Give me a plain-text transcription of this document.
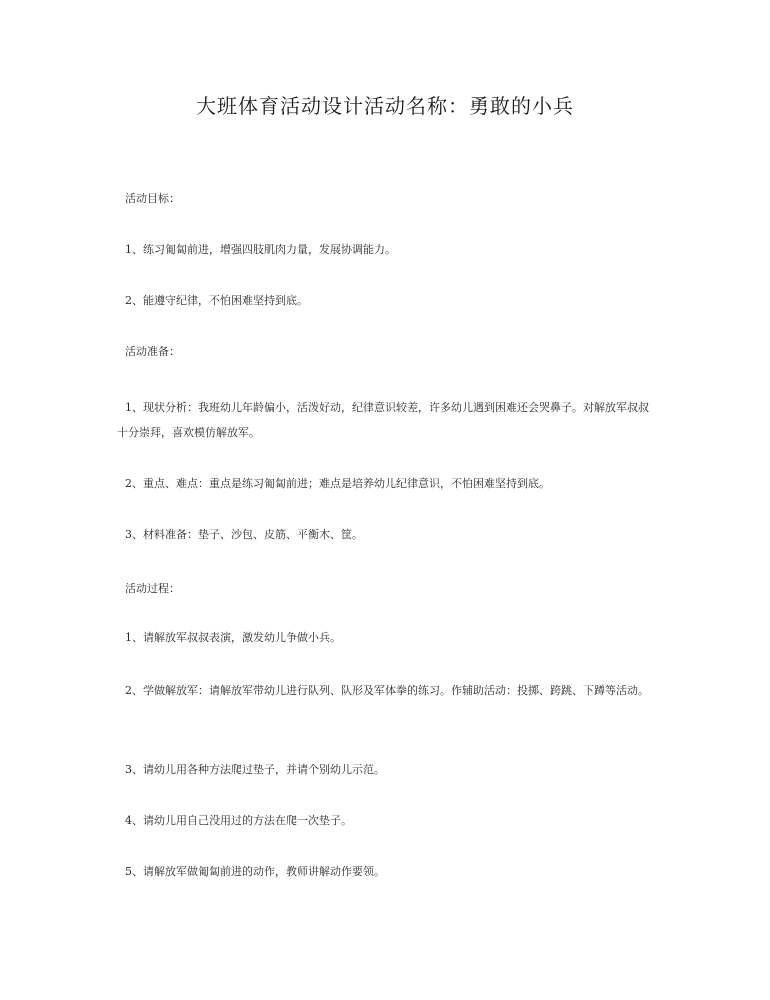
大班体育活动设计活动名称：勇敢的小兵

活动目标：

1、练习匍匐前进，增强四肢肌肉力量，发展协调能力。

2、能遵守纪律，不怕困难坚持到底。

活动准备：

1、现状分析：我班幼儿年龄偏小，活泼好动，纪律意识较差，许多幼儿遇到困难还会哭鼻子。对解放军叔叔十分崇拜，喜欢模仿解放军。

2、重点、难点：重点是练习匍匐前进；难点是培养幼儿纪律意识，不怕困难坚持到底。

3、材料准备：垫子、沙包、皮筋、平衡木、筐。

活动过程：

1、请解放军叔叔表演，激发幼儿争做小兵。

2、学做解放军：请解放军带幼儿进行队列、队形及军体拳的练习。作辅助活动：投掷、跨跳、下蹲等活动。

3、请幼儿用各种方法爬过垫子，并请个别幼儿示范。

4、请幼儿用自己没用过的方法在爬一次垫子。

5、请解放军做匍匐前进的动作，教师讲解动作要领。
